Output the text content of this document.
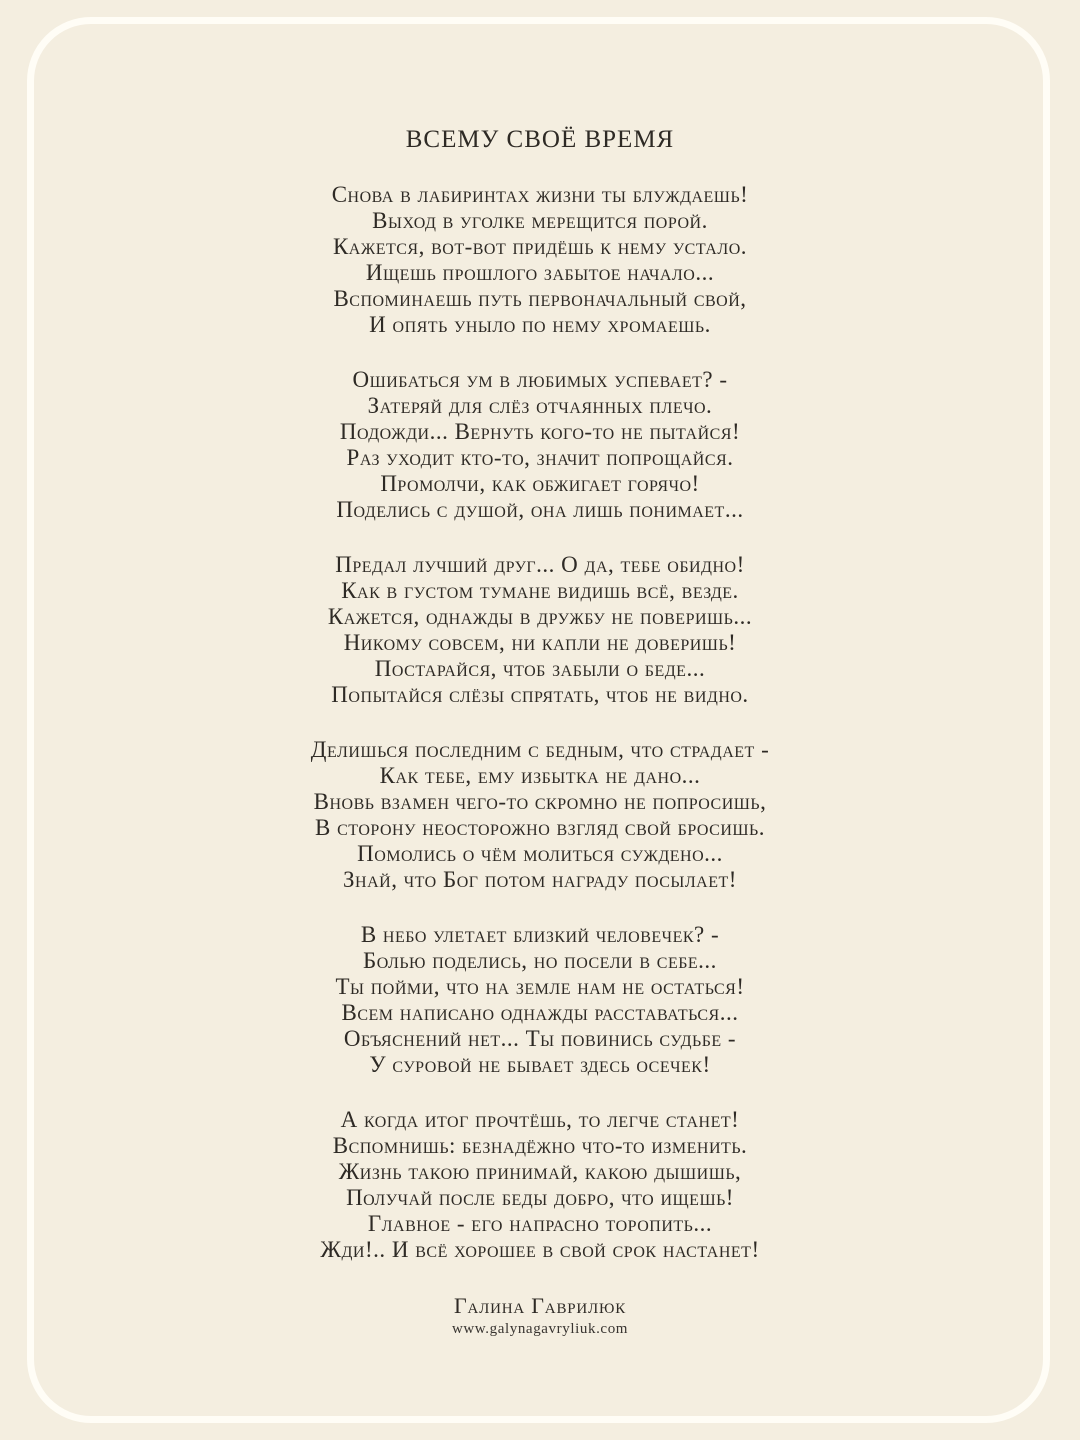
ВСЕМУ СВОЁ ВРЕМЯ
Снова в лабиринтах жизни ты блуждаешь!
Выход в уголке мерещится порой.
Кажется, вот-вот придёшь к нему устало.
Ищешь прошлого забытое начало...
Вспоминаешь путь первоначальный свой,
И опять уныло по нему хромаешь.
Ошибаться ум в любимых успевает? -
Затеряй для слёз отчаянных плечо.
Подожди... Вернуть кого-то не пытайся!
Раз уходит кто-то, значит попрощайся.
Промолчи, как обжигает горячо!
Поделись с душой, она лишь понимает...
Предал лучший друг... О да, тебе обидно!
Как в густом тумане видишь всё, везде.
Кажется, однажды в дружбу не поверишь...
Никому совсем, ни капли не доверишь!
Постарайся, чтоб забыли о беде...
Попытайся слёзы спрятать, чтоб не видно.
Делишься последним с бедным, что страдает -
Как тебе, ему избытка не дано...
Вновь взамен чего-то скромно не попросишь,
В сторону неосторожно взгляд свой бросишь.
Помолись о чём молиться суждено...
Знай, что Бог потом награду посылает!
В небо улетает близкий человечек? -
Болью поделись, но посели в себе...
Ты пойми, что на земле нам не остаться!
Всем написано однажды расставаться...
Объяснений нет... Ты повинись судьбе -
У суровой не бывает здесь осечек!
А когда итог прочтёшь, то легче станет!
Вспомнишь: безнадёжно что-то изменить.
Жизнь такою принимай, какою дышишь,
Получай после беды добро, что ищешь!
Главное - его напрасно торопить...
Жди!.. И всё хорошее в свой срок настанет!
Галина Гаврилюк
www.galynagavryliuk.com
